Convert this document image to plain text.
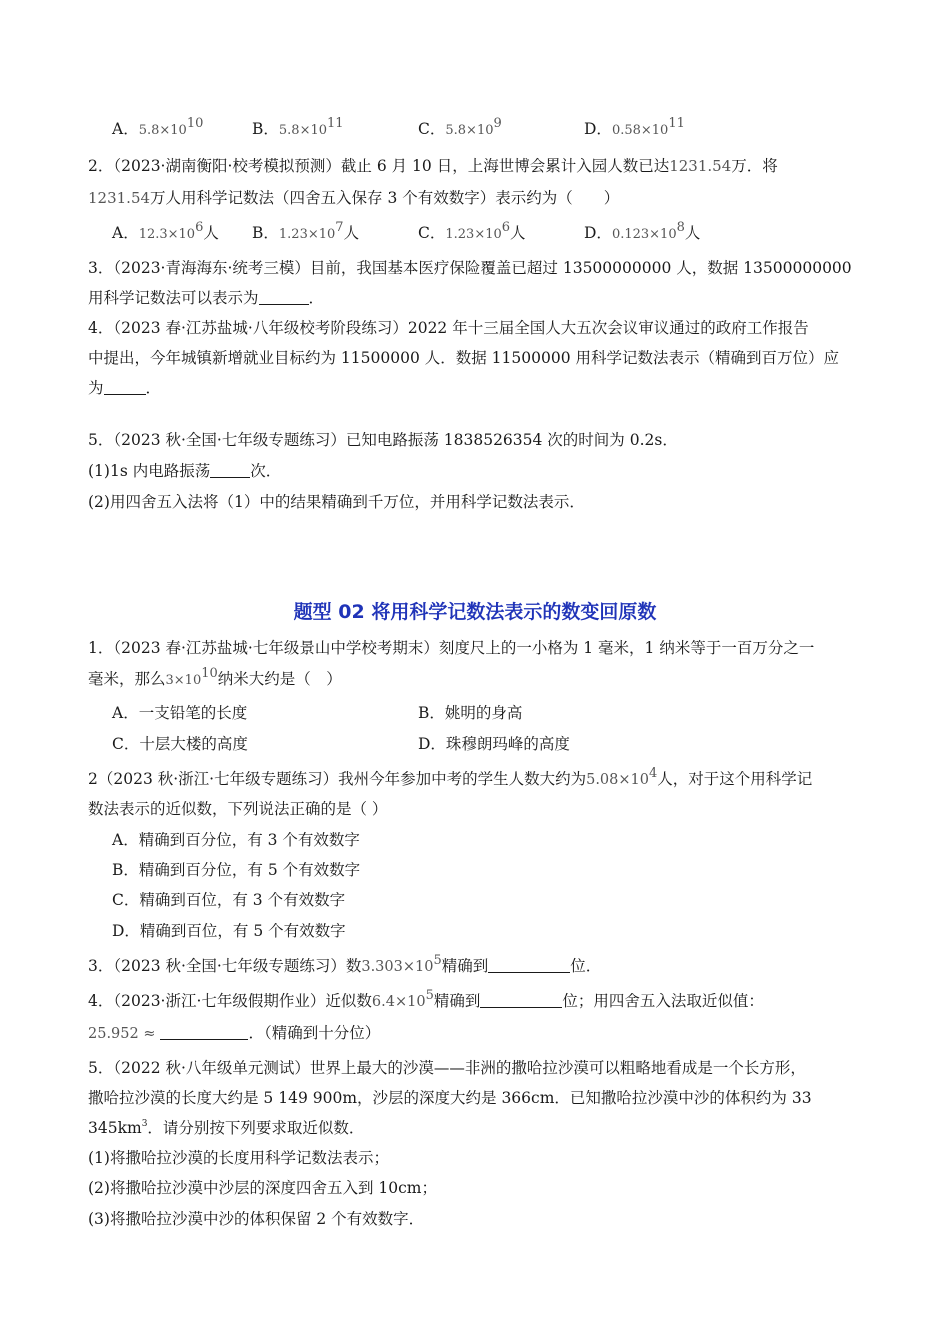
A．$5.8\times 10^{10}$	B．$5.8\times 10^{11}$	C．$5.8\times 10^9$	D．$0.58\times 10^{11}$
2．（2023·湖南衡阳·校考模拟预测）截止 6 月 10 日，上海世博会累计入园人数已达1231.54万．将
1231.54万人用科学记数法（四舍五入保存 3 个有效数字）表示约为（　　）
A．$12.3\times 10^6$人 B．$1.23\times 10^7$人	C．$1.23\times 10^6$人	D．$0.123\times 10^8$人
3．（2023·青海海东·统考三模）目前，我国基本医疗保险覆盖已超过 13500000000 人，数据 13500000000
用科学记数法可以表示为	．
4．（2023 春·江苏盐城·八年级校考阶段练习）2022 年十三届全国人大五次会议审议通过的政府工作报告
中提出，今年城镇新增就业目标约为 11500000 人．数据 11500000 用科学记数法表示（精确到百万位）应
为	．
5．（2023 秋·全国·七年级专题练习）已知电路振荡 1838526354 次的时间为 0.2s．
(1)1s 内电路振荡	次．
(2)用四舍五入法将（1）中的结果精确到千万位，并用科学记数法表示．
题型 02 将用科学记数法表示的数变回原数
1．（2023 春·江苏盐城·七年级景山中学校考期末）刻度尺上的一小格为 1 毫米，1 纳米等于一百万分之一
毫米，那么$3\times 10^{10}$纳米大约是（　）
A．一支铅笔的长度	B．姚明的身高
C．十层大楼的高度	D．珠穆朗玛峰的高度
2（2023 秋·浙江·七年级专题练习）我州今年参加中考的学生人数大约为$5.08\times 10^4$人，对于这个用科学记
数法表示的近似数，下列说法正确的是（ ）
A．精确到百分位，有 3 个有效数字
B．精确到百分位，有 5 个有效数字
C．精确到百位，有 3 个有效数字
D．精确到百位，有 5 个有效数字
3．（2023 秋·全国·七年级专题练习）数$3.303\times 10^5$精确到	位．
4．（2023·浙江·七年级假期作业）近似数$6.4\times 10^5$精确到	位；用四舍五入法取近似值：
25.952 ≈	．（精确到十分位）
5．（2022 秋·八年级单元测试）世界上最大的沙漠——非洲的撒哈拉沙漠可以粗略地看成是一个长方形，
撒哈拉沙漠的长度大约是 5 149 900m，沙层的深度大约是 366cm．已知撒哈拉沙漠中沙的体积约为 33
$345km^3$．请分别按下列要求取近似数．
(1)将撒哈拉沙漠的长度用科学记数法表示；
(2)将撒哈拉沙漠中沙层的深度四舍五入到 10cm；
(3)将撒哈拉沙漠中沙的体积保留 2 个有效数字．
